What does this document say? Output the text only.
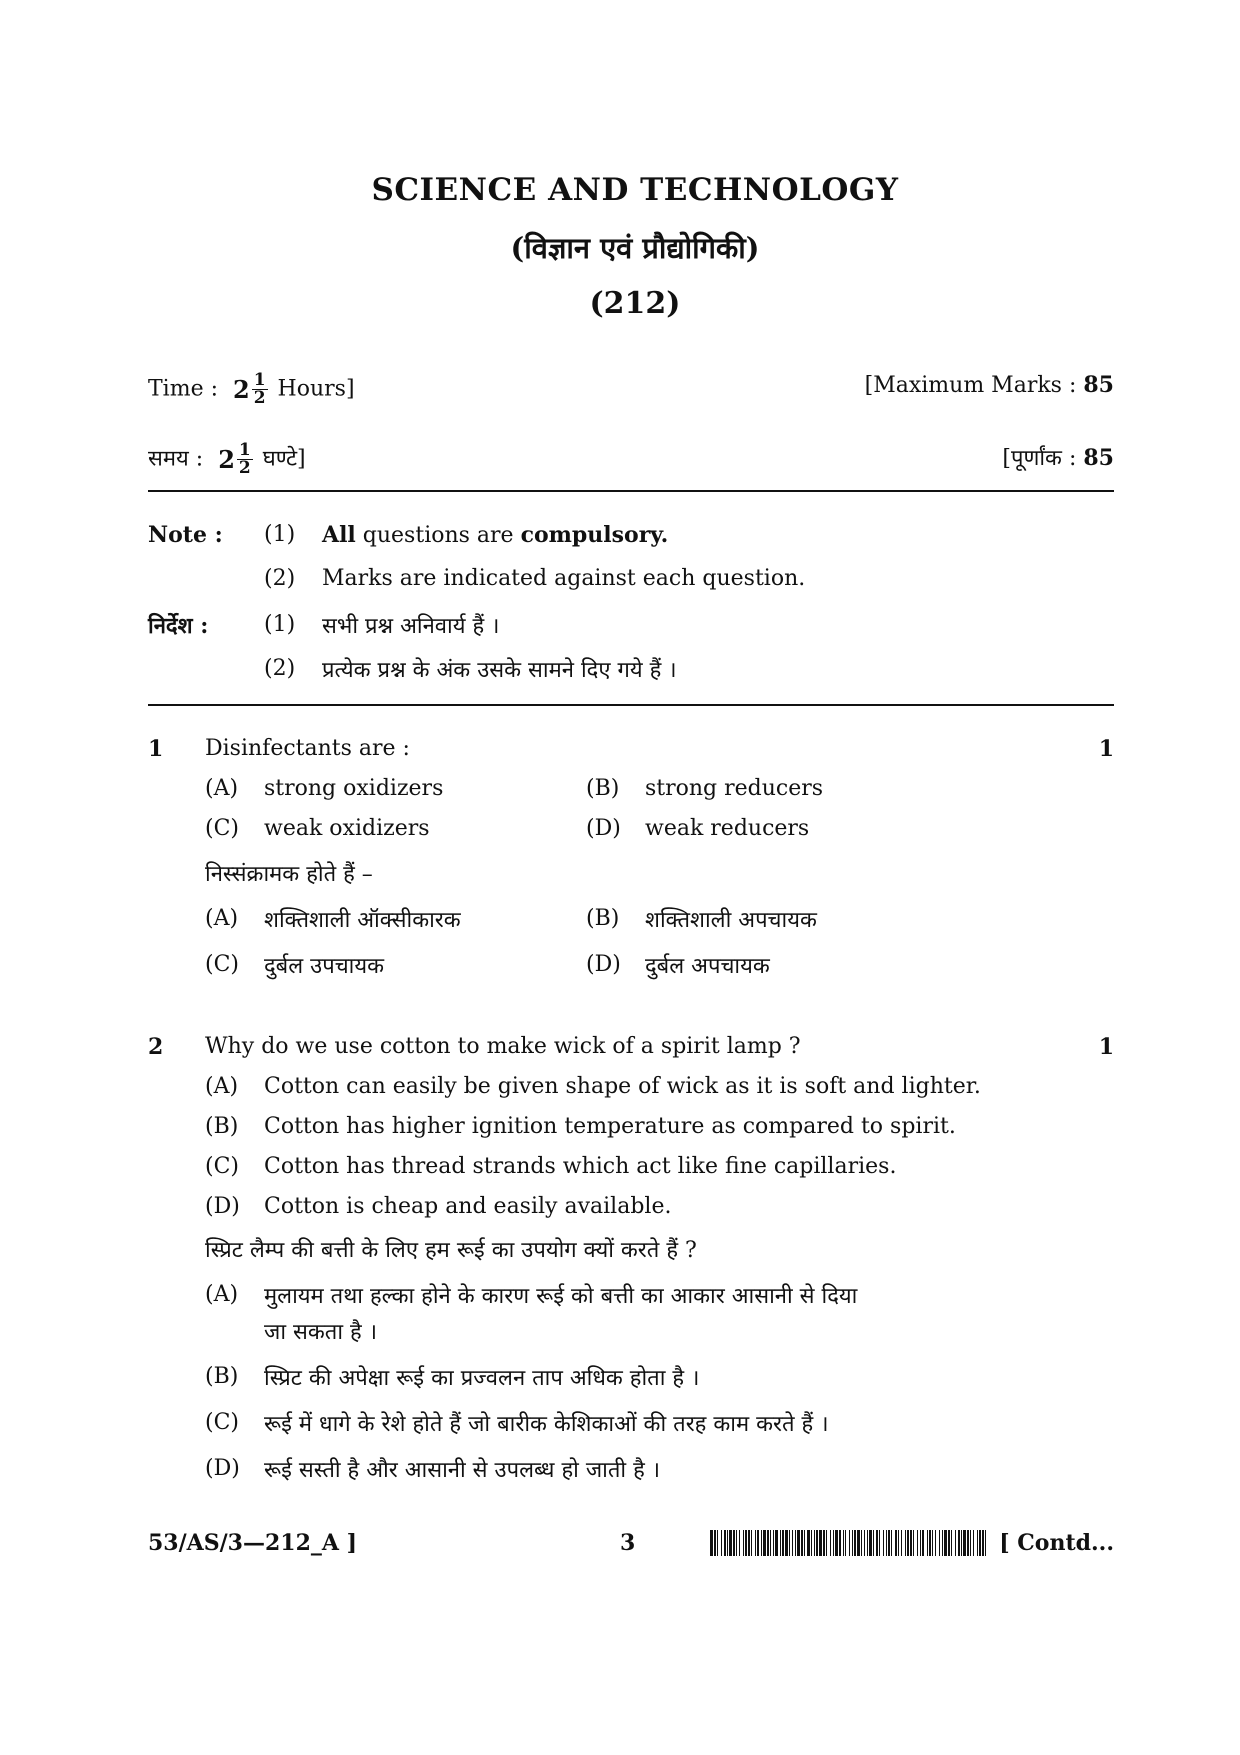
SCIENCE AND TECHNOLOGY
(विज्ञान एवं प्रौद्योगिकी)
(212)
Time : $2 \frac{1}{2}$ Hours]	[Maximum Marks : 85
समय : $2 \frac{1}{2}$ घण्टे]	[पूर्णांक : 85
Note : (1) All questions are compulsory.
(2) Marks are indicated against each question.
निर्देश :	(1) सभी प्रश्न अनिवार्य हैं ।
(2) प्रत्येक प्रश्न के अंक उसके सामने दिए गये हैं ।
1 Disinfectants are :	1
(A) strong oxidizers	(B) strong reducers
(C) weak oxidizers	(D) weak reducers
निस्संक्रामक होते हैं –
(A) शक्तिशाली ऑक्सीकारक	(B) शक्तिशाली अपचायक
(C) दुर्बल उपचायक	(D) दुर्बल अपचायक
2 Why do we use cotton to make wick of a spirit lamp ?	1
(A) Cotton can easily be given shape of wick as it is soft and lighter.
(B) Cotton has higher ignition temperature as compared to spirit.
(C) Cotton has thread strands which act like fine capillaries.
(D) Cotton is cheap and easily available.
स्प्रिट लैम्प की बत्ती के लिए हम रूई का उपयोग क्यों करते हैं ?
(A) मुलायम तथा हल्का होने के कारण रूई को बत्ती का आकार आसानी से दिया
जा सकता है ।
(B) स्प्रिट की अपेक्षा रूई का प्रज्वलन ताप अधिक होता है ।
(C) रूई में धागे के रेशे होते हैं जो बारीक केशिकाओं की तरह काम करते हैं ।
(D) रूई सस्ती है और आसानी से उपलब्ध हो जाती है ।
53/AS/3—212_A ]	3	[ Contd...
